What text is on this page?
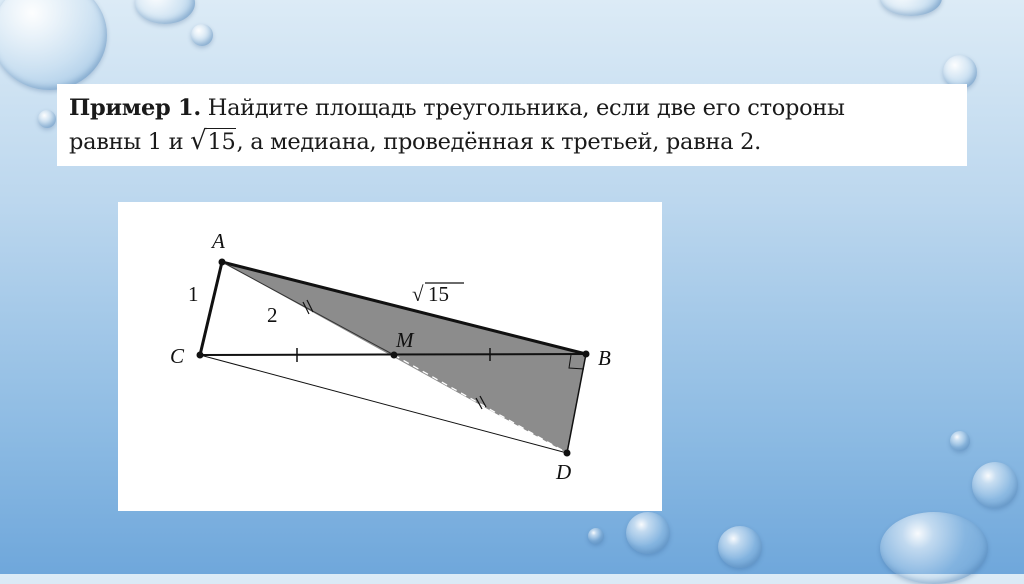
Пример 1. Найдите площадь треугольника, если две его стороны
равны 1 и √15, а медиана, проведённая к третьей, равна 2.
A
C
M
B
D
1
2
√ 15
